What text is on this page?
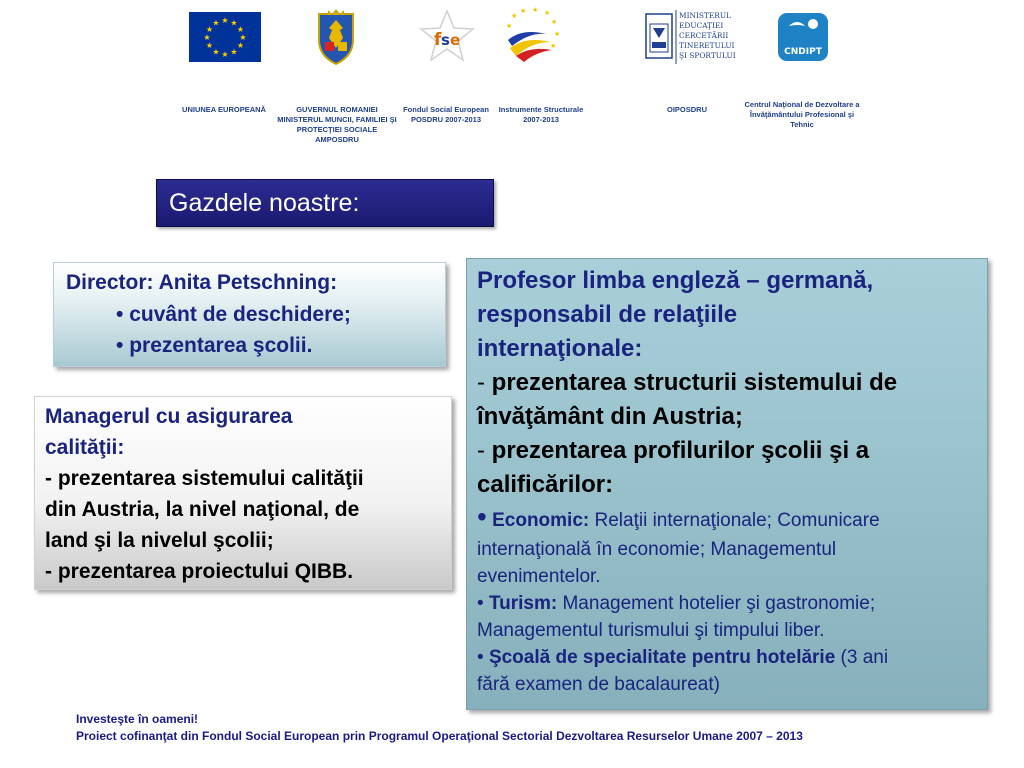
★ ★
★
★
★
★
★
★
★
★
★
★
f s e
★
★ ★ ★
★
★
★
★
MINISTERUL
EDUCAŢIEI
CERCETĂRII
TINERETULUI
ŞI SPORTULUI	CNDIPT
UNIUNEA EUROPEANĂ	GUVERNUL ROMANIEI MINISTERUL MUNCII, FAMILIEI ŞI PROTECŢIEI SOCIALE AMPOSDRU
Fondul Social European POSDRU 2007-2013
Instrumente Structurale 2007-2013
OIPOSDRU
Centrul Naţional de Dezvoltare a Învăţământului Profesional şi Tehnic
Gazdele noastre:
Director: Anita Petschning:
• cuvânt de deschidere;
• prezentarea şcolii.
Managerul cu asigurarea
calităţii:
- prezentarea sistemului calităţii
din Austria, la nivel naţional, de
land şi la nivelul şcolii;
- prezentarea proiectului QIBB.
Profesor limba engleză – germană,
responsabil de relaţiile
internaţionale:
- prezentarea structurii sistemului de
învăţământ din Austria;
- prezentarea profilurilor şcolii şi a
calificărilor:
• Economic: Relaţii internaţionale; Comunicare
internaţională în economie; Managementul
evenimentelor.
• Turism: Management hotelier şi gastronomie;
Managementul turismului şi timpului liber.
• Şcoală de specialitate pentru hotelărie (3 ani
fără examen de bacalaureat)
Investeşte în oameni!
Proiect cofinanţat din Fondul Social European prin Programul Operaţional Sectorial Dezvoltarea Resurselor Umane 2007 – 2013
